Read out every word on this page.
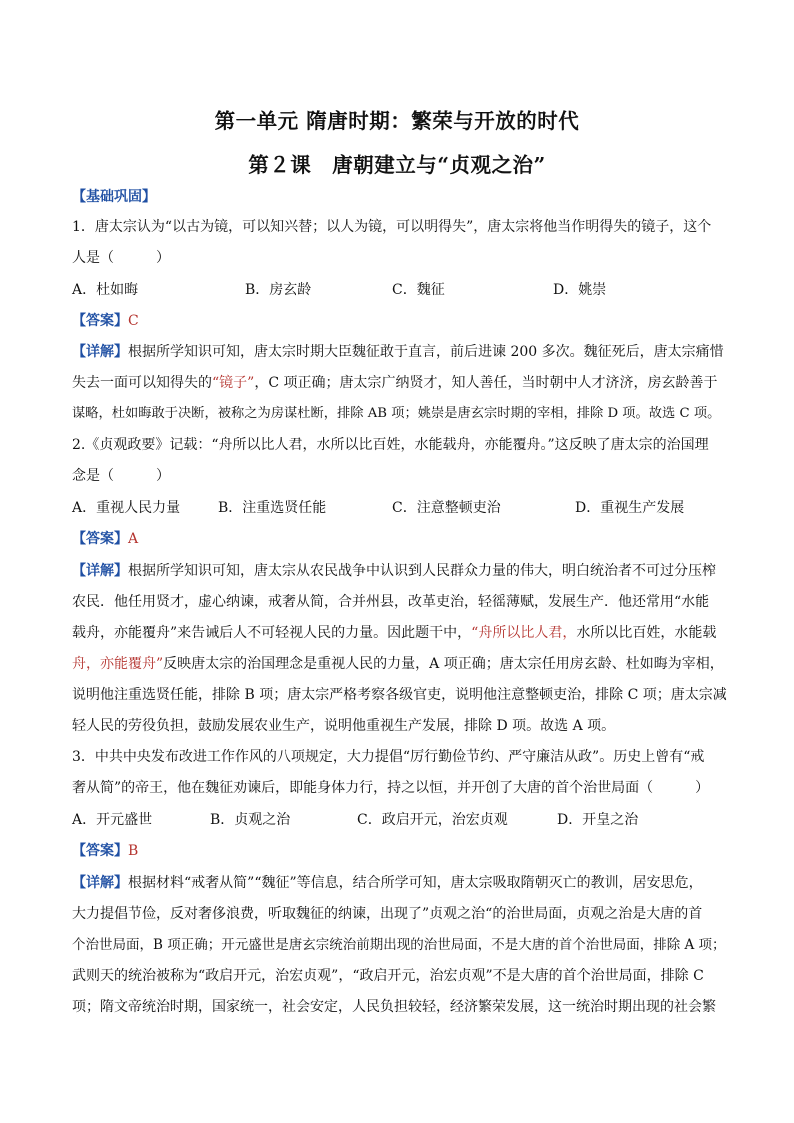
第一单元 隋唐时期：繁荣与开放的时代
第２课　唐朝建立与“贞观之治”
【基础巩固】
1．唐太宗认为“以古为镜，可以知兴替；以人为镜，可以明得失”，唐太宗将他当作明得失的镜子，这个
人是（　　　）
A．杜如晦	B．房玄龄	C．魏征	D．姚崇
【答案】C
【详解】根据所学知识可知，唐太宗时期大臣魏征敢于直言，前后进谏 200 多次。魏征死后，唐太宗痛惜
失去一面可以知得失的“镜子”，C 项正确；唐太宗广纳贤才，知人善任，当时朝中人才济济，房玄龄善于
谋略，杜如晦敢于决断，被称之为房谋杜断，排除 AB 项；姚崇是唐玄宗时期的宰相，排除 D 项。故选 C 项。
2.《贞观政要》记载：“舟所以比人君，水所以比百姓，水能载舟，亦能覆舟。”这反映了唐太宗的治国理
念是（　　　）
A．重视人民力量	B．注重选贤任能	C．注意整顿吏治	D．重视生产发展
【答案】A
【详解】根据所学知识可知，唐太宗从农民战争中认识到人民群众力量的伟大，明白统治者不可过分压榨
农民．他任用贤才，虚心纳谏，戒奢从简，合并州县，改革吏治，轻徭薄赋，发展生产．他还常用“水能
载舟，亦能覆舟”来告诫后人不可轻视人民的力量。因此题干中，“舟所以比人君，水所以比百姓，水能载
舟，亦能覆舟”反映唐太宗的治国理念是重视人民的力量，A 项正确；唐太宗任用房玄龄、杜如晦为宰相，
说明他注重选贤任能，排除 B 项；唐太宗严格考察各级官吏，说明他注意整顿吏治，排除 C 项；唐太宗减
轻人民的劳役负担，鼓励发展农业生产，说明他重视生产发展，排除 D 项。故选 A 项。
3．中共中央发布改进工作作风的八项规定，大力提倡“厉行勤俭节约、严守廉洁从政”。历史上曾有“戒
奢从简”的帝王，他在魏征劝谏后，即能身体力行，持之以恒，并开创了大唐的首个治世局面（　　　）
A．开元盛世	B．贞观之治	C．政启开元，治宏贞观	D．开皇之治
【答案】B
【详解】根据材料“戒奢从简”“魏征”等信息，结合所学可知，唐太宗吸取隋朝灭亡的教训，居安思危，
大力提倡节俭，反对奢侈浪费，听取魏征的纳谏，出现了”贞观之治“的治世局面，贞观之治是大唐的首
个治世局面，B 项正确；开元盛世是唐玄宗统治前期出现的治世局面，不是大唐的首个治世局面，排除 A 项；
武则天的统治被称为“政启开元，治宏贞观”，“政启开元，治宏贞观”不是大唐的首个治世局面，排除 C
项；隋文帝统治时期，国家统一，社会安定，人民负担较轻，经济繁荣发展，这一统治时期出现的社会繁
